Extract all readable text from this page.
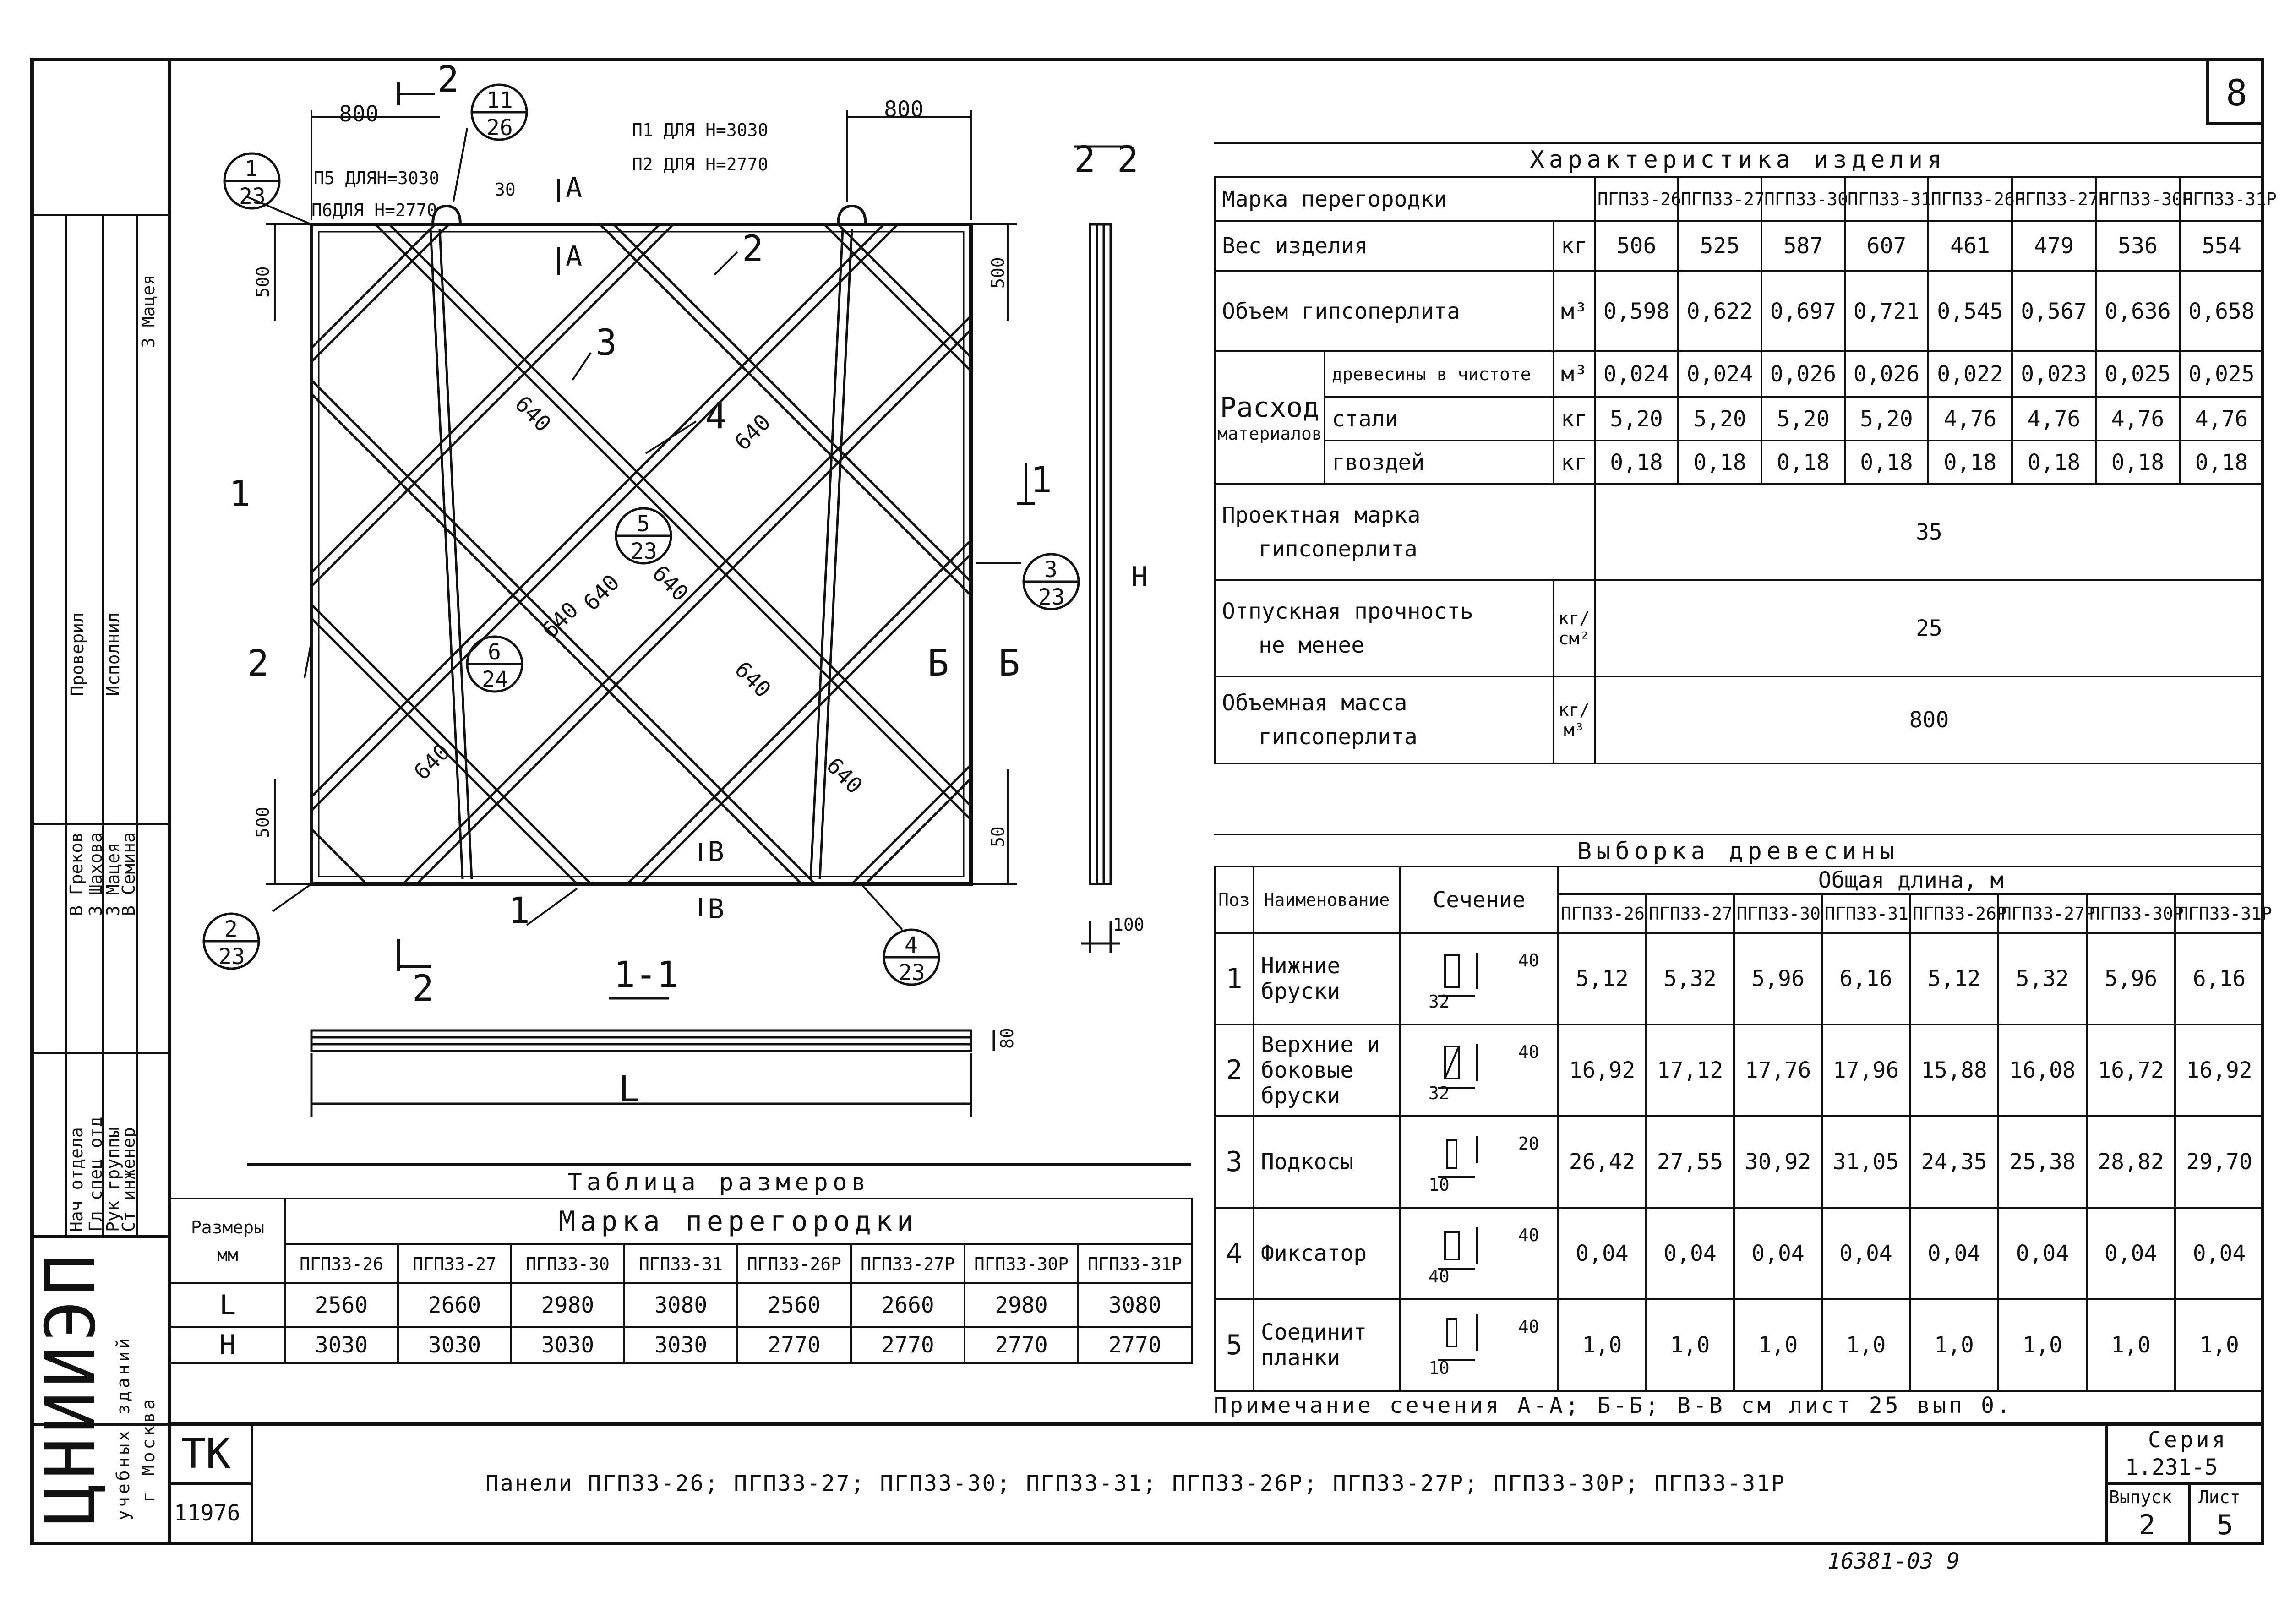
8
800	800
П1 ДЛЯ Н=3030
П2 ДЛЯ Н=2770
П5 ДЛЯН=3030
П6ДЛЯ Н=2770
30
500	500
500	50
640	640
640
640 640
640
640	640
1
2
2
3
4
1	1
2
2
A
A
Б Б
В
В
2 2
1-1
Н
L
100
80
1
23
11
26
5
23
3
23
6
24
2
23	4
23
Характеристика изделия
Марка перегородки			ПГП33-26	ПГП33-27	ПГП33-30	ПГП33-31	ПГП33-26Р	ПГП33-27Р	ПГП33-30Р	ПГП33-31Р
Вес изделия		кг	506	525	587	607	461	479	536	554
Объем гипсоперлита		м³	0,598	0,622	0,697	0,721	0,545	0,567	0,636	0,658

Расход
материалов	древесины в чистоте	м³	0,024	0,024	0,026	0,026	0,022	0,023	0,025	0,025
	стали	кг	5,20	5,20	5,20	5,20	4,76	4,76	4,76	4,76
	гвоздей	кг	0,18	0,18	0,18	0,18	0,18	0,18	0,18	0,18

Проектная марка
гипсоперлита			35							

Отпускная прочность
не менее		кг/см²	25							

Объемная масса
гипсоперлита		кг/м³	800							
Выборка древесины
Поз	Наименование	Сечение	Общая длина, м							
			ПГП33-26	ПГП33-27	ПГП33-30	ПГП33-31	ПГП33-26Р	ПГП33-27Р	ПГП33-30Р	ПГП33-31Р
1	Нижние бруски	3240	5,12	5,32	5,96	6,16	5,12	5,32	5,96	6,16
2	Верхние и боковые бруски	3240	16,92	17,12	17,76	17,96	15,88	16,08	16,72	16,92
3	Подкосы	1020	26,42	27,55	30,92	31,05	24,35	25,38	28,82	29,70
4	Фиксатор	4040	0,04	0,04	0,04	0,04	0,04	0,04	0,04	0,04
5	Соединит планки	1040	1,0	1,0	1,0	1,0	1,0	1,0	1,0	1,0
Примечание сечения А-А; Б-Б; В-В см лист 25 вып 0.
Таблица размеров
Размеры
мм	Марка перегородки							
	ПГП33-26	ПГП33-27	ПГП33-30	ПГП33-31	ПГП33-26Р	ПГП33-27Р	ПГП33-30Р	ПГП33-31Р
L	2560	2660	2980	3080	2560	2660	2980	3080
Н	3030	3030	3030	3030	2770	2770	2770	2770
ТК
11976
Панели ПГП33-26; ПГП33-27; ПГП33-30; ПГП33-31; ПГП33-26Р; ПГП33-27Р; ПГП33-30Р; ПГП33-31Р
Серия
1.231-5
Выпуск
2
Лист
5
16381-03 9
ЦНИИЭП учебных зданий г Москва
Нач отдела
Гл спец отд
Рук группы
Ст инженер
Проверил Исполнил
В Греков
З Шахова
З Мацея
В Семина
З Мацея
